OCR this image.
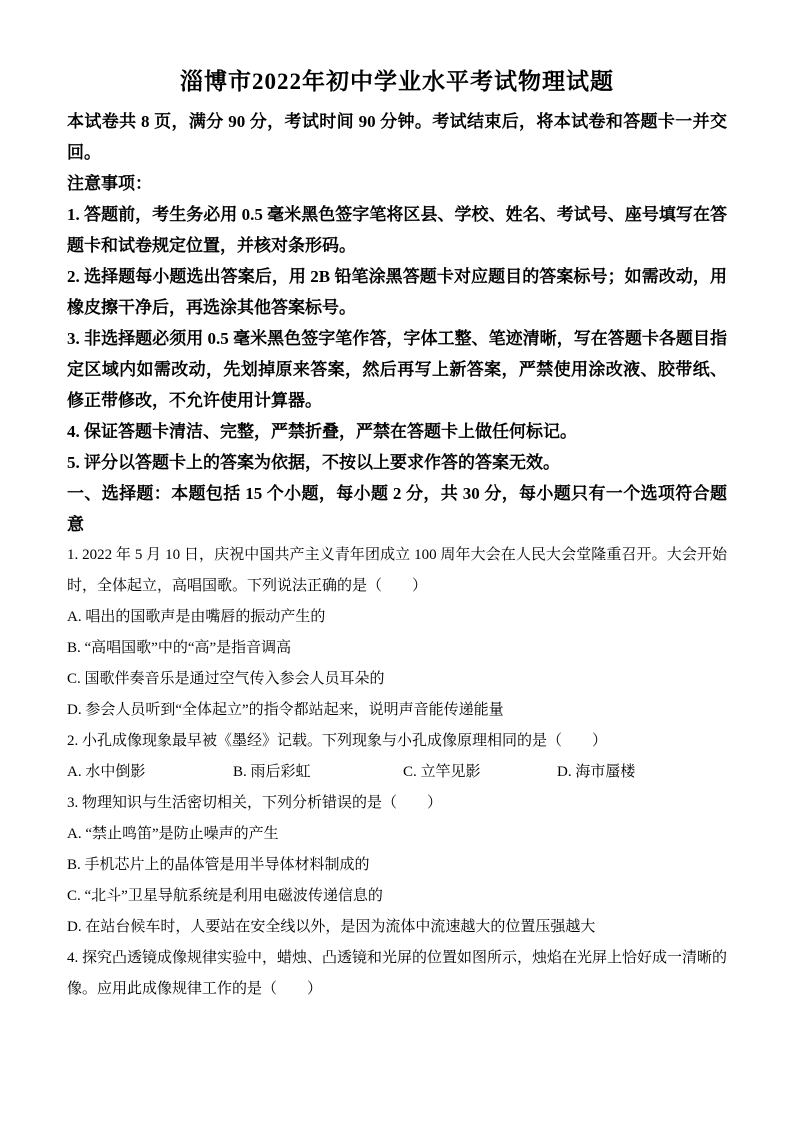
淄博市2022年初中学业水平考试物理试题

本试卷共 8 页，满分 90 分，考试时间 90 分钟。考试结束后，将本试卷和答题卡一并交回。

注意事项：

1. 答题前，考生务必用 0.5 毫米黑色签字笔将区县、学校、姓名、考试号、座号填写在答题卡和试卷规定位置，并核对条形码。

2. 选择题每小题选出答案后，用 2B 铅笔涂黑答题卡对应题目的答案标号；如需改动，用橡皮擦干净后，再选涂其他答案标号。

3. 非选择题必须用 0.5 毫米黑色签字笔作答，字体工整、笔迹清晰，写在答题卡各题目指定区域内如需改动，先划掉原来答案，然后再写上新答案，严禁使用涂改液、胶带纸、修正带修改，不允许使用计算器。

4. 保证答题卡清洁、完整，严禁折叠，严禁在答题卡上做任何标记。

5. 评分以答题卡上的答案为依据，不按以上要求作答的答案无效。

一、选择题：本题包括 15 个小题，每小题 2 分，共 30 分，每小题只有一个选项符合题意

1. 2022 年 5 月 10 日，庆祝中国共产主义青年团成立 100 周年大会在人民大会堂隆重召开。大会开始时，全体起立，高唱国歌。下列说法正确的是（　　）

A. 唱出的国歌声是由嘴唇的振动产生的

B. “高唱国歌”中的“高”是指音调高

C. 国歌伴奏音乐是通过空气传入参会人员耳朵的

D. 参会人员听到“全体起立”的指令都站起来，说明声音能传递能量

2. 小孔成像现象最早被《墨经》记载。下列现象与小孔成像原理相同的是（　　）

A. 水中倒影	B. 雨后彩虹	C. 立竿见影	D. 海市蜃楼

3. 物理知识与生活密切相关，下列分析错误的是（　　）

A. “禁止鸣笛”是防止噪声的产生

B. 手机芯片上的晶体管是用半导体材料制成的

C. “北斗”卫星导航系统是利用电磁波传递信息的

D. 在站台候车时，人要站在安全线以外，是因为流体中流速越大的位置压强越大

4. 探究凸透镜成像规律实验中，蜡烛、凸透镜和光屏的位置如图所示，烛焰在光屏上恰好成一清晰的像。应用此成像规律工作的是（　　）
